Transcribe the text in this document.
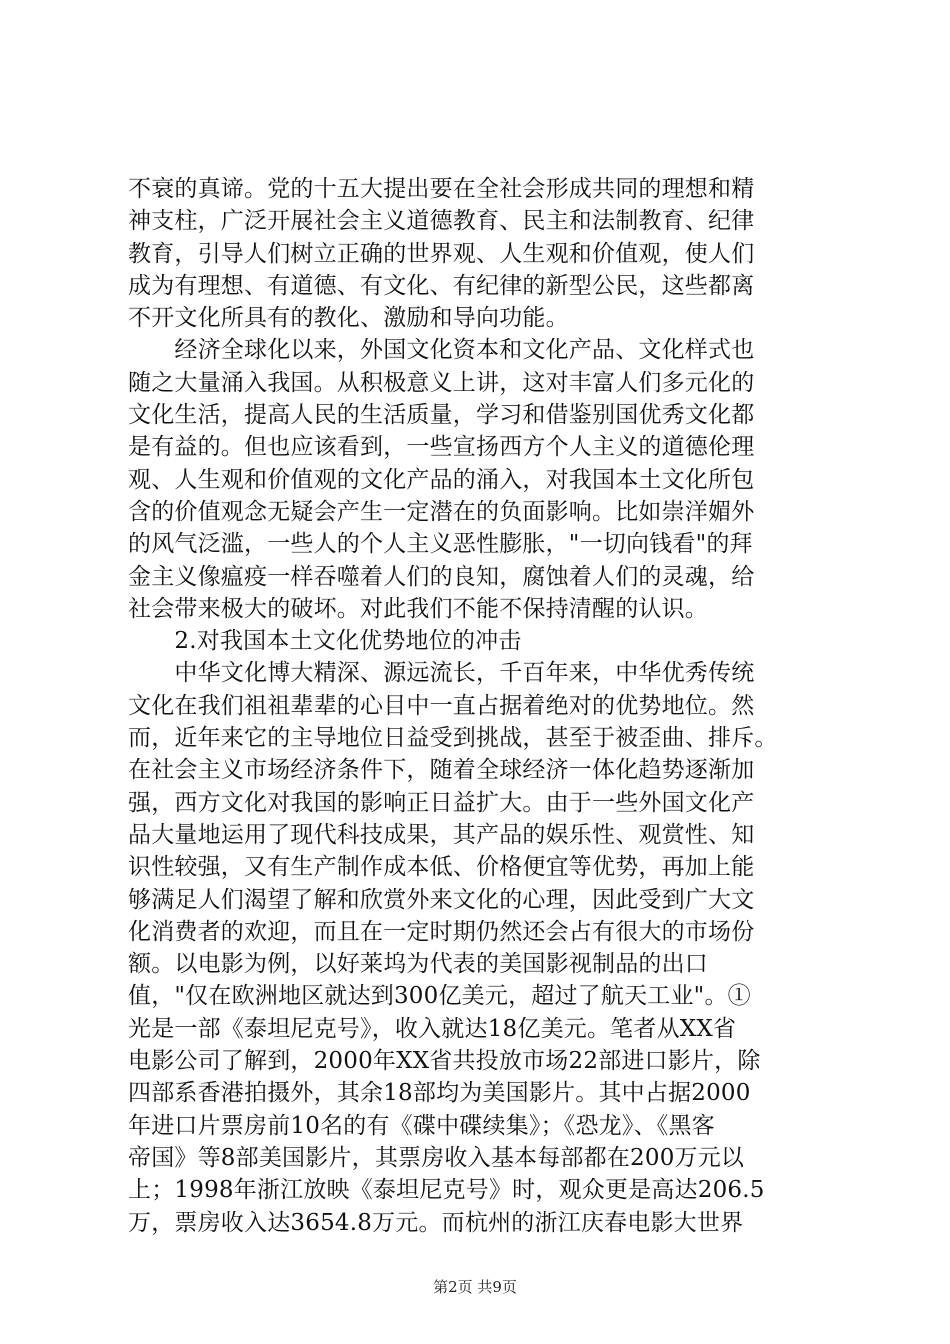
不衰的真谛。党的十五大提出要在全社会形成共同的理想和精
神支柱，广泛开展社会主义道德教育、民主和法制教育、纪律
教育，引导人们树立正确的世界观、人生观和价值观，使人们
成为有理想、有道德、有文化、有纪律的新型公民，这些都离
不开文化所具有的教化、激励和导向功能。
　　经济全球化以来，外国文化资本和文化产品、文化样式也
随之大量涌入我国。从积极意义上讲，这对丰富人们多元化的
文化生活，提高人民的生活质量，学习和借鉴别国优秀文化都
是有益的。但也应该看到，一些宣扬西方个人主义的道德伦理
观、人生观和价值观的文化产品的涌入，对我国本土文化所包
含的价值观念无疑会产生一定潜在的负面影响。比如崇洋媚外
的风气泛滥，一些人的个人主义恶性膨胀，"一切向钱看"的拜
金主义像瘟疫一样吞噬着人们的良知，腐蚀着人们的灵魂，给
社会带来极大的破坏。对此我们不能不保持清醒的认识。
　　2.对我国本土文化优势地位的冲击
　　中华文化博大精深、源远流长，千百年来，中华优秀传统
文化在我们祖祖辈辈的心目中一直占据着绝对的优势地位。然
而，近年来它的主导地位日益受到挑战，甚至于被歪曲、排斥。
在社会主义市场经济条件下，随着全球经济一体化趋势逐渐加
强，西方文化对我国的影响正日益扩大。由于一些外国文化产
品大量地运用了现代科技成果，其产品的娱乐性、观赏性、知
识性较强，又有生产制作成本低、价格便宜等优势，再加上能
够满足人们渴望了解和欣赏外来文化的心理，因此受到广大文
化消费者的欢迎，而且在一定时期仍然还会占有很大的市场份
额。以电影为例，以好莱坞为代表的美国影视制品的出口
值，"仅在欧洲地区就达到300亿美元，超过了航天工业"。①
光是一部《泰坦尼克号》，收入就达18亿美元。笔者从XX省
电影公司了解到，2000年XX省共投放市场22部进口影片，除
四部系香港拍摄外，其余18部均为美国影片。其中占据2000
年进口片票房前10名的有《碟中碟续集》；《恐龙》、《黑客
帝国》等8部美国影片，其票房收入基本每部都在200万元以
上；1998年浙江放映《泰坦尼克号》时，观众更是高达206.5
万，票房收入达3654.8万元。而杭州的浙江庆春电影大世界
第2页 共9页
